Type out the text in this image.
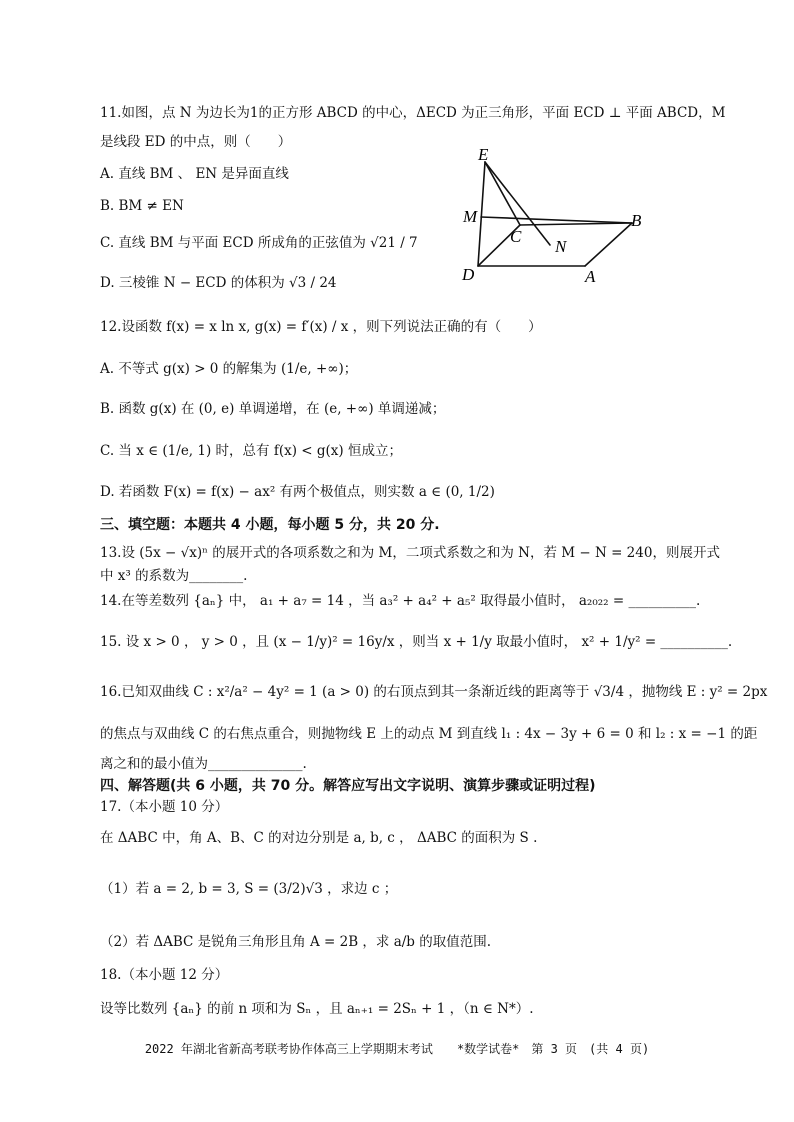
11.如图，点 N 为边长为1的正方形 ABCD 的中心，ΔECD 为正三角形，平面 ECD ⊥ 平面 ABCD，M
是线段 ED 的中点，则（　　）
A. 直线 BM 、 EN 是异面直线
B. BM ≠ EN
C. 直线 BM 与平面 ECD 所成角的正弦值为 √21 / 7
D. 三棱锥 N − ECD 的体积为 √3 / 24
E
M	B
C
N
D	A
12.设函数 f(x) = x ln x, g(x) = f′(x) / x ，则下列说法正确的有（　　）
A. 不等式 g(x) > 0 的解集为 (1/e, +∞)；
B. 函数 g(x) 在 (0, e) 单调递增，在 (e, +∞) 单调递减；
C. 当 x ∈ (1/e, 1) 时，总有 f(x) < g(x) 恒成立；
D. 若函数 F(x) = f(x) − ax² 有两个极值点，则实数 a ∈ (0, 1/2)
三、填空题：本题共 4 小题，每小题 5 分，共 20 分.
13.设 (5x − √x)ⁿ 的展开式的各项系数之和为 M，二项式系数之和为 N，若 M − N = 240，则展开式
中 x³ 的系数为________.
14.在等差数列 {aₙ} 中， a₁ + a₇ = 14 ，当 a₃² + a₄² + a₅² 取得最小值时， a₂₀₂₂ = __________.
15. 设 x > 0 ， y > 0 ，且 (x − 1/y)² = 16y/x ，则当 x + 1/y 取最小值时， x² + 1/y² = __________.
16.已知双曲线 C : x²/a² − 4y² = 1 (a > 0) 的右顶点到其一条渐近线的距离等于 √3/4 ，抛物线 E : y² = 2px
的焦点与双曲线 C 的右焦点重合，则抛物线 E 上的动点 M 到直线 l₁ : 4x − 3y + 6 = 0 和 l₂ : x = −1 的距
离之和的最小值为______________.
四、解答题(共 6 小题，共 70 分。解答应写出文字说明、演算步骤或证明过程)
17.（本小题 10 分）
在 ΔABC 中，角 A、B、C 的对边分别是 a, b, c ， ΔABC 的面积为 S .
（1）若 a = 2, b = 3, S = (3/2)√3 ，求边 c ；
（2）若 ΔABC 是锐角三角形且角 A = 2B ，求 a/b 的取值范围.
18.（本小题 12 分）
设等比数列 {aₙ} 的前 n 项和为 Sₙ ，且 aₙ₊₁ = 2Sₙ + 1 ，（n ∈ N*）.
2022 年湖北省新高考联考协作体高三上学期期末考试　　*数学试卷*　第 3 页　(共 4 页)
